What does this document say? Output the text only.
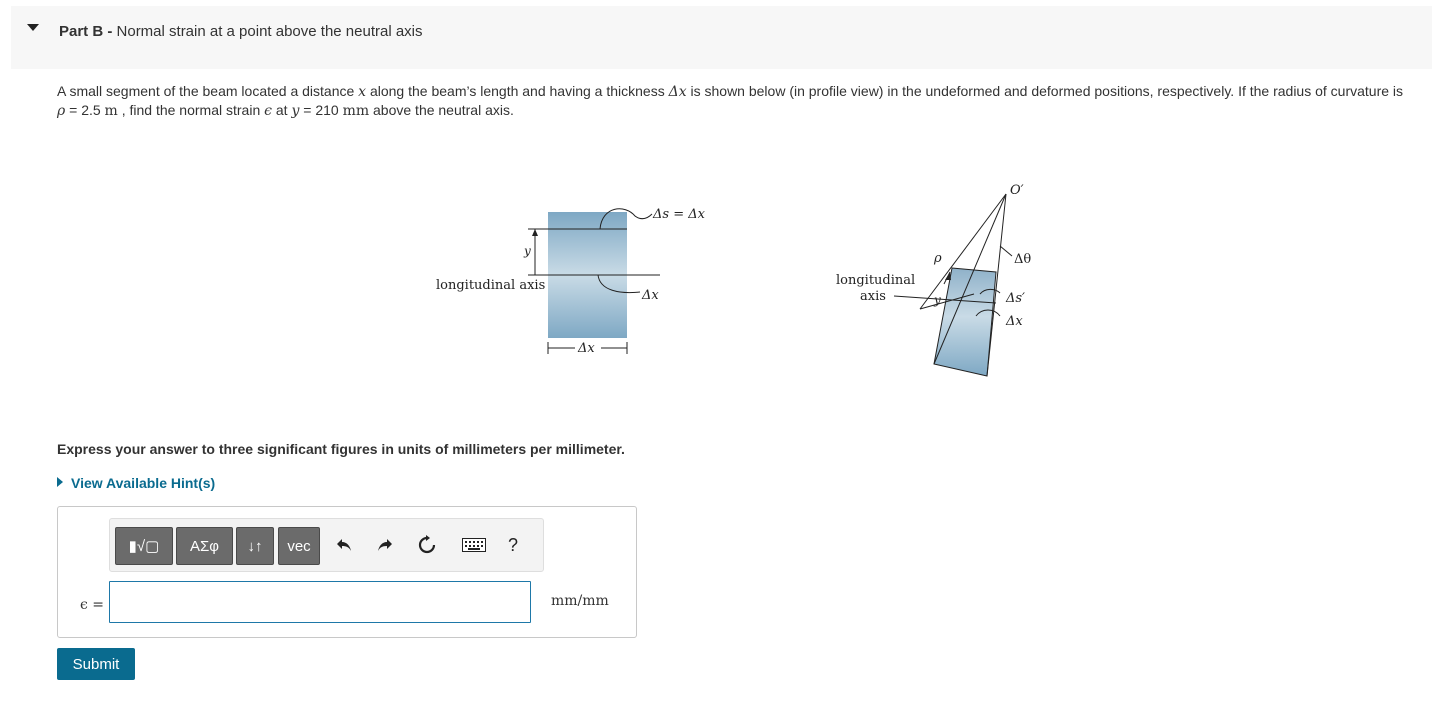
Part B - Normal strain at a point above the neutral axis
A small segment of the beam located a distance x along the beam’s length and having a thickness Δx is shown below (in profile view) in the undeformed and deformed positions, respectively. If the radius of curvature is ρ = 2.5 m , find the normal strain ϵ at y = 210 mm above the neutral axis.
Δs = Δx
y
longitudinal axis
Δx
Δx
O′
ρ	Δθ
longitudinal
axis	y	Δs′
Δx
Express your answer to three significant figures in units of millimeters per millimeter.
View Available Hint(s)
▮√▢	ΑΣφ	↓↑	vec	?
ϵ =	mm/mm
Submit
